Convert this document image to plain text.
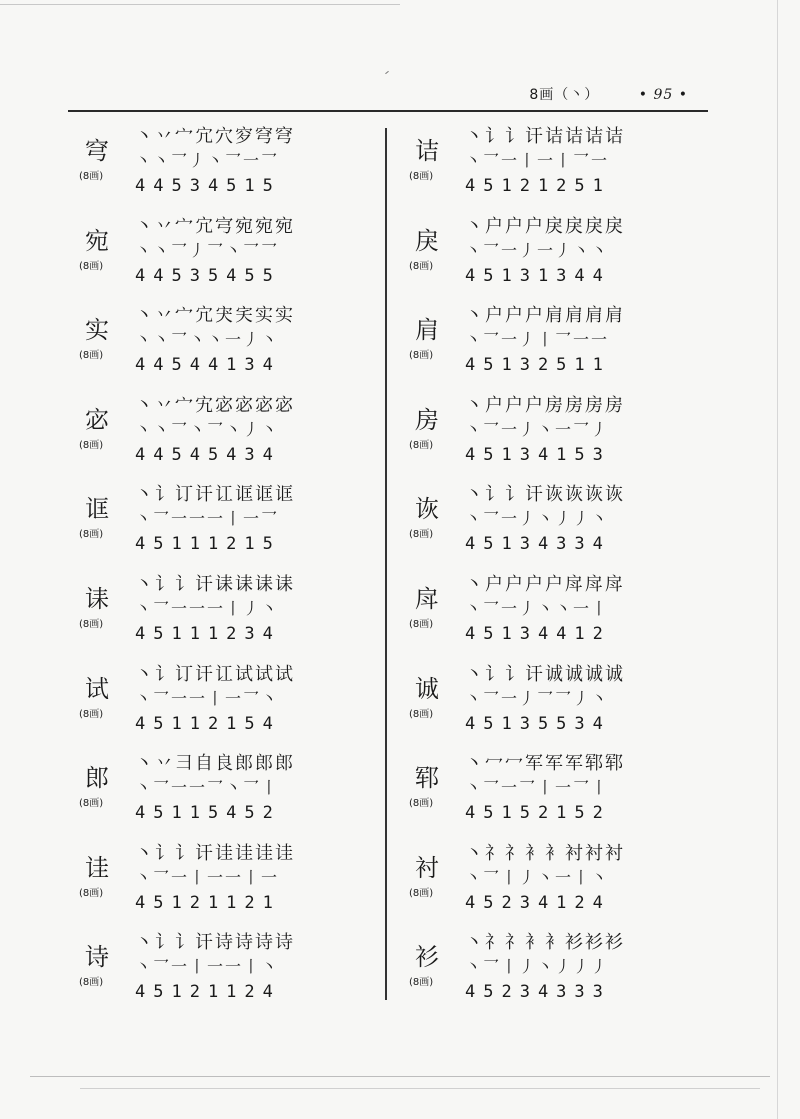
8画（丶）	• 95 •
穹
(8画)
丶丷宀宂穴穸穹穹
丶丶乛丿丶乛一乛
44534515
宛
(8画)
丶丷宀宂宆宛宛宛
丶丶乛丿乛丶乛乛
44535455
实
(8画)
丶丷宀宂宊宎实实
丶丶乛丶丶一丿丶
44544134
宓
(8画)
丶丷宀宄宓宓宓宓
丶丶乛丶乛丶丿丶
44545434
诓
(8画)
丶讠订讦讧诓诓诓
丶乛一一一丨一乛
45111215
诔
(8画)
丶讠讠讦诔诔诔诔
丶乛一一一丨丿丶
45111234
试
(8画)
丶讠订讦讧试试试
丶乛一一丨一乛丶
45112154
郎
(8画)
丶丷彐自良郎郎郎
丶乛一一乛丶乛丨
45115452
诖
(8画)
丶讠讠讦诖诖诖诖
丶乛一丨一一丨一
45121121
诗
(8画)
丶讠讠讦诗诗诗诗
丶乛一丨一一丨丶
45121124
诘
(8画)
丶讠讠讦诘诘诘诘
丶乛一丨一丨乛一
45121251
戾
(8画)
丶户户户戾戾戾戾
丶乛一丿一丿丶丶
45131344
肩
(8画)
丶户户户肩肩肩肩
丶乛一丿丨乛一一
45132511
房
(8画)
丶户户户房房房房
丶乛一丿丶一乛丿
45134153
诙
(8画)
丶讠讠讦诙诙诙诙
丶乛一丿丶丿丿丶
45134334
戽
(8画)
丶户户户户戽戽戽
丶乛一丿丶丶一丨
45134412
诚
(8画)
丶讠讠讦诚诚诚诚
丶乛一丿乛乛丿丶
45135534
郓
(8画)
丶冖冖军军军郓郓
丶乛一乛丨一乛丨
45152152
衬
(8画)
丶礻礻衤衤衬衬衬
丶乛丨丿丶一丨丶
45234124
衫
(8画)
丶礻礻衤衤衫衫衫
丶乛丨丿丶丿丿丿
45234333
